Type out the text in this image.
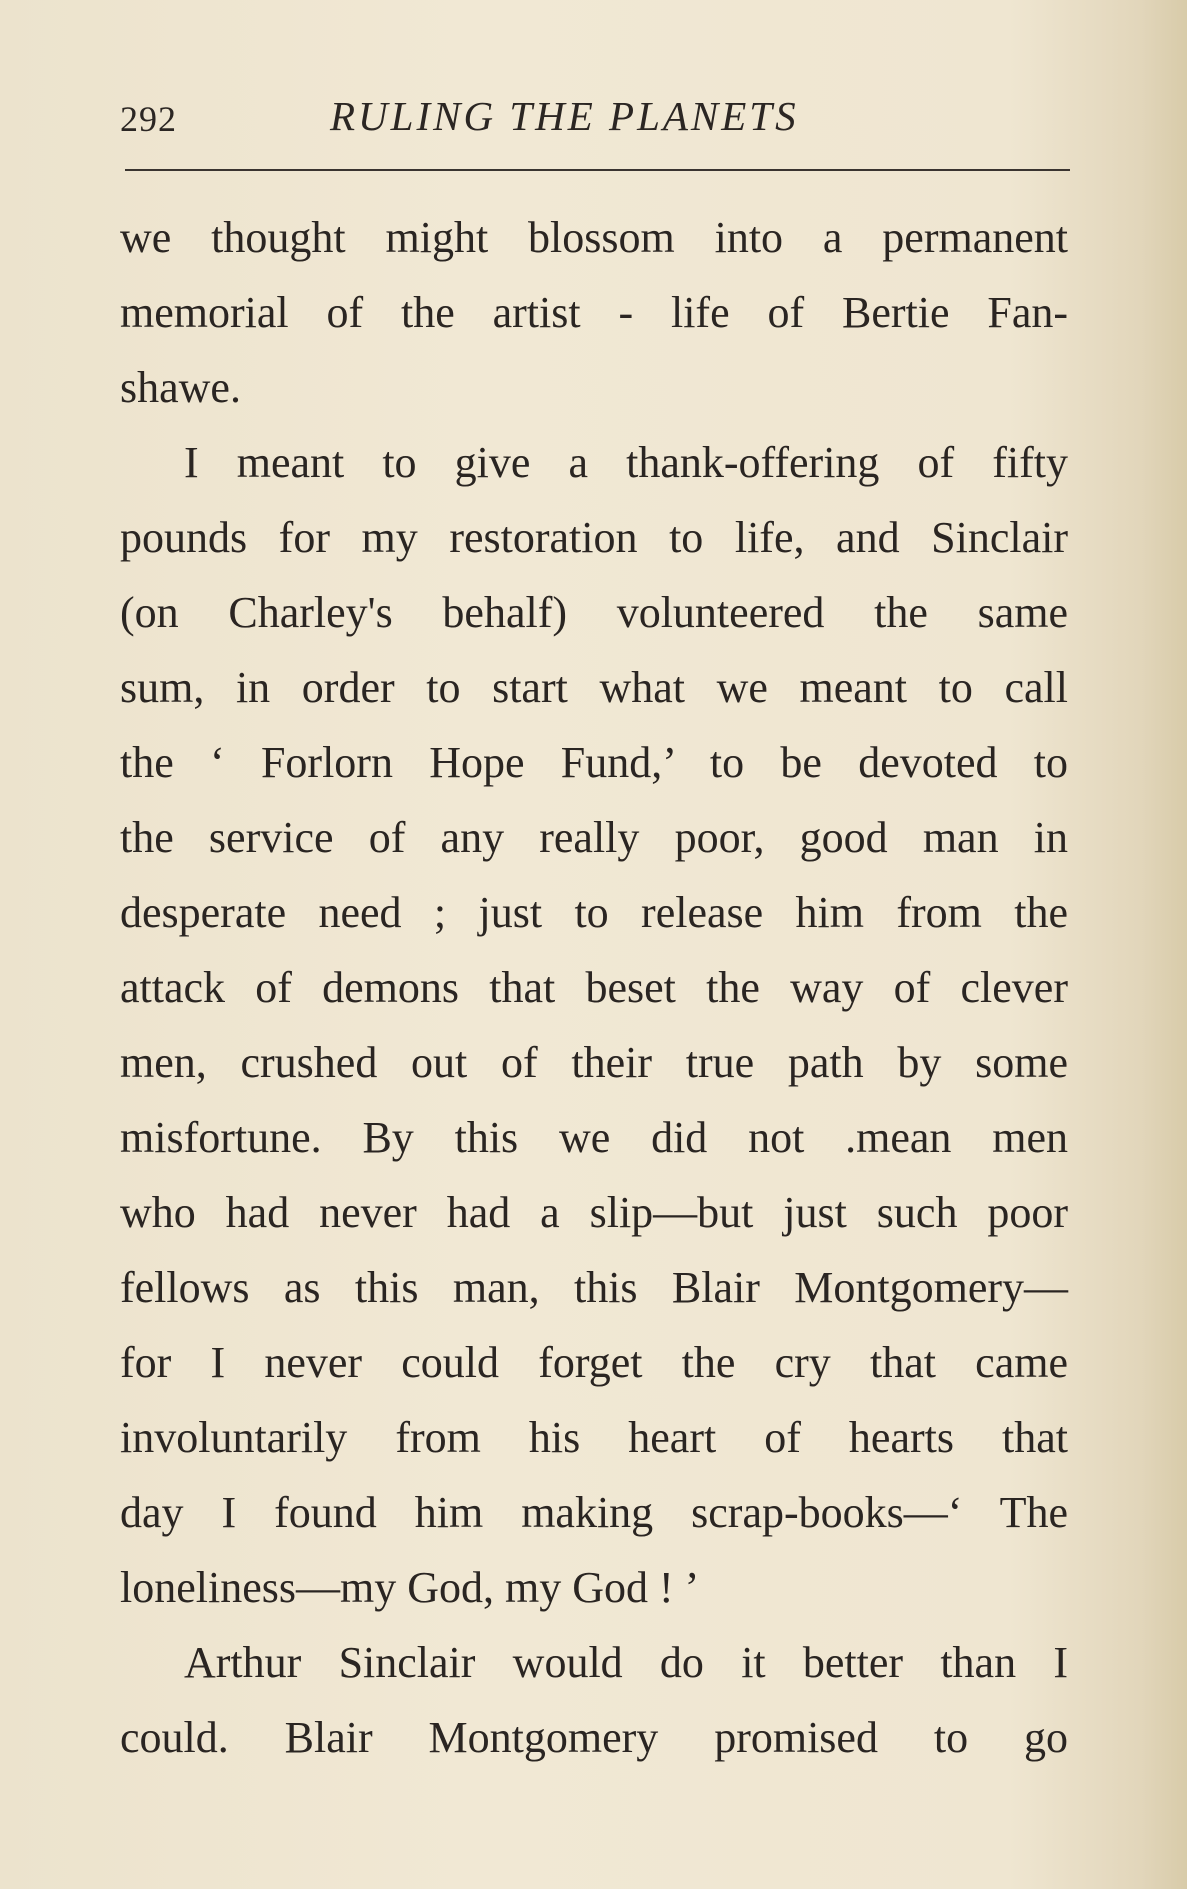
292	RULING THE PLANETS
we thought might blossom into a permanent
memorial of the artist - life of Bertie Fan-
shawe.
I meant to give a thank-offering of fifty
pounds for my restoration to life, and Sinclair
(on Charley's behalf) volunteered the same
sum, in order to start what we meant to call
the ‘ Forlorn Hope Fund,’ to be devoted to
the service of any really poor, good man in
desperate need ; just to release him from the
attack of demons that beset the way of clever
men, crushed out of their true path by some
misfortune. By this we did not .mean men
who had never had a slip—but just such poor
fellows as this man, this Blair Montgomery—
for I never could forget the cry that came
involuntarily from his heart of hearts that
day I found him making scrap-books—‘ The
loneliness—my God, my God ! ’
Arthur Sinclair would do it better than I
could. Blair Montgomery promised to go
